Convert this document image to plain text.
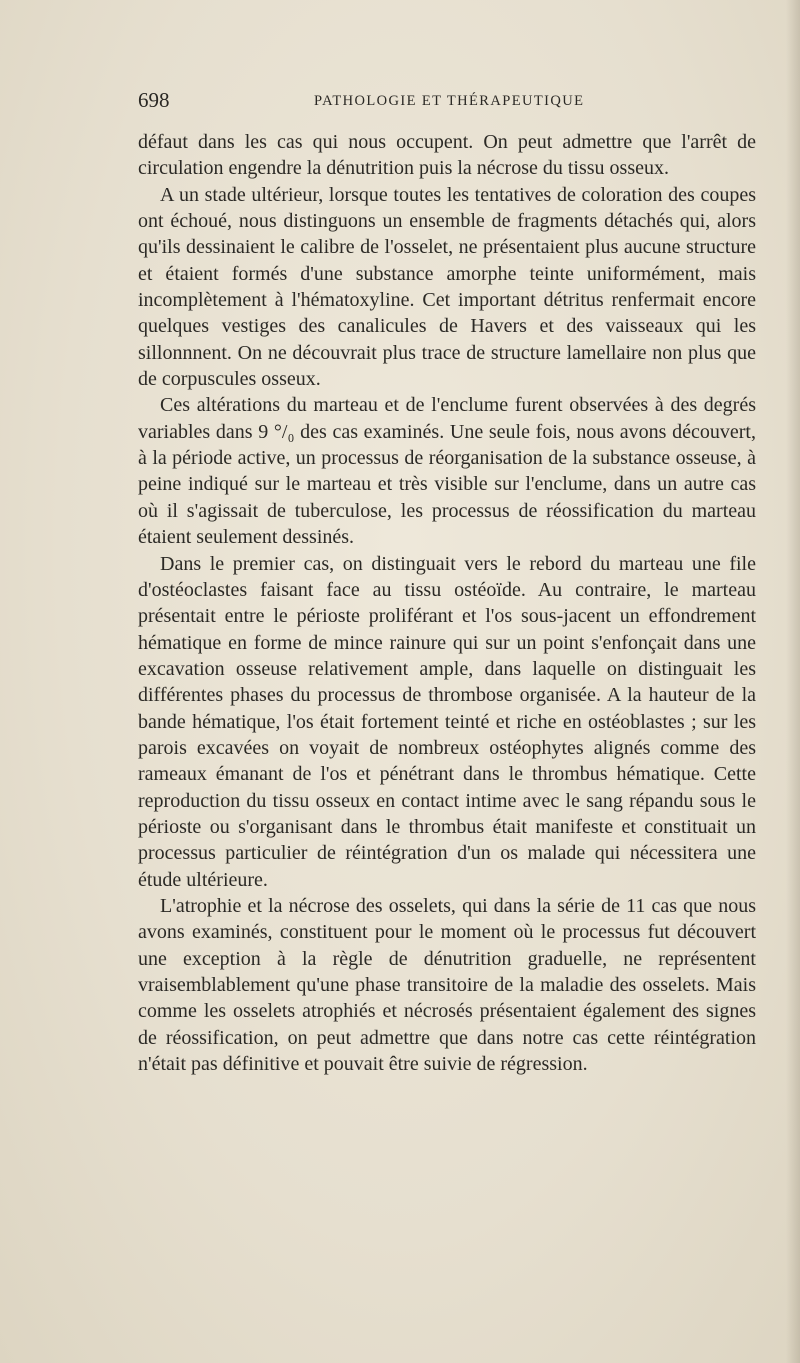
698	PATHOLOGIE ET THÉRAPEUTIQUE

défaut dans les cas qui nous occupent. On peut admettre que l'arrêt de circulation engendre la dénutrition puis la nécrose du tissu osseux.

A un stade ultérieur, lorsque toutes les tentatives de coloration des coupes ont échoué, nous distinguons un ensemble de fragments détachés qui, alors qu'ils dessinaient le calibre de l'osselet, ne présentaient plus aucune structure et étaient formés d'une substance amorphe teinte uniformément, mais incomplètement à l'hématoxyline. Cet important détritus renfermait encore quelques vestiges des canalicules de Havers et des vaisseaux qui les sillonnnent. On ne découvrait plus trace de structure lamellaire non plus que de corpuscules osseux.

Ces altérations du marteau et de l'enclume furent observées à des degrés variables dans 9 °/₀ des cas examinés. Une seule fois, nous avons découvert, à la période active, un processus de réorganisation de la substance osseuse, à peine indiqué sur le marteau et très visible sur l'enclume, dans un autre cas où il s'agissait de tuberculose, les processus de réossification du marteau étaient seulement dessinés.

Dans le premier cas, on distinguait vers le rebord du marteau une file d'ostéoclastes faisant face au tissu ostéoïde. Au contraire, le marteau présentait entre le périoste proliférant et l'os sous-jacent un effondrement hématique en forme de mince rainure qui sur un point s'enfonçait dans une excavation osseuse relativement ample, dans laquelle on distinguait les différentes phases du processus de thrombose organisée. A la hauteur de la bande hématique, l'os était fortement teinté et riche en ostéoblastes ; sur les parois excavées on voyait de nombreux ostéophytes alignés comme des rameaux émanant de l'os et pénétrant dans le thrombus hématique. Cette reproduction du tissu osseux en contact intime avec le sang répandu sous le périoste ou s'organisant dans le thrombus était manifeste et constituait un processus particulier de réintégration d'un os malade qui nécessitera une étude ultérieure.

L'atrophie et la nécrose des osselets, qui dans la série de 11 cas que nous avons examinés, constituent pour le moment où le processus fut découvert une exception à la règle de dénutrition graduelle, ne représentent vraisemblablement qu'une phase transitoire de la maladie des osselets. Mais comme les osselets atrophiés et nécrosés présentaient également des signes de réossification, on peut admettre que dans notre cas cette réintégration n'était pas définitive et pouvait être suivie de régression.
